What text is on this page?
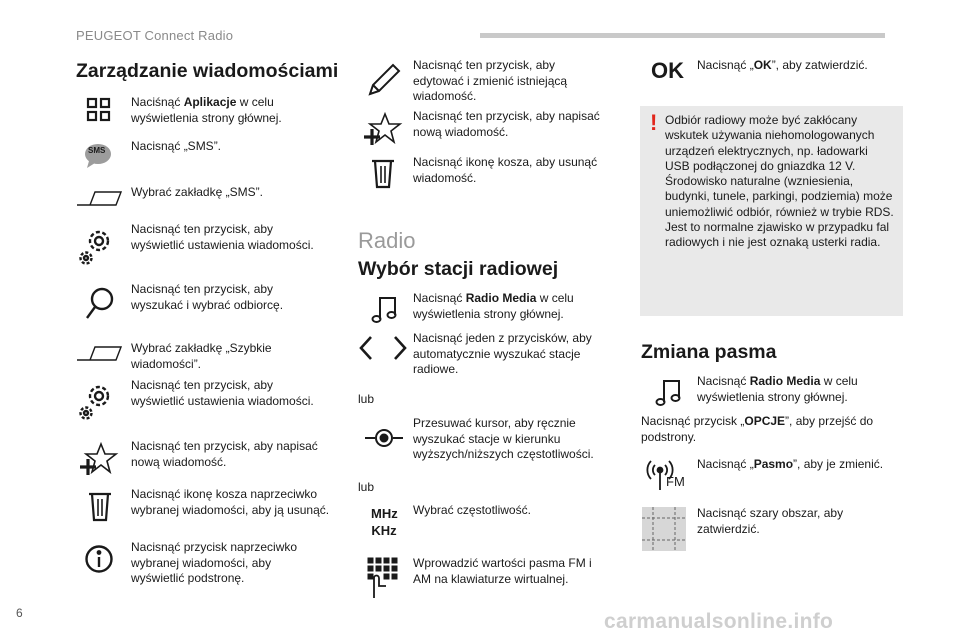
PEUGEOT Connect Radio
6	carmanualsonline.info
Zarządzanie wiadomościami
Naciśnąć Aplikacje w celu wyświetlenia strony głównej.
SMS Nacisnąć „SMS”.
Wybrać zakładkę „SMS”.
Nacisnąć ten przycisk, aby wyświetlić ustawienia wiadomości.
Nacisnąć ten przycisk, aby wyszukać i wybrać odbiorcę.
Wybrać zakładkę „Szybkie wiadomości”.
Nacisnąć ten przycisk, aby wyświetlić ustawienia wiadomości.
Nacisnąć ten przycisk, aby napisać nową wiadomość.
Nacisnąć ikonę kosza naprzeciwko wybranej wiadomości, aby ją usunąć.
Nacisnąć przycisk naprzeciwko wybranej wiadomości, aby wyświetlić podstronę.
Nacisnąć ten przycisk, aby edytować i zmienić istniejącą wiadomość.
Nacisnąć ten przycisk, aby napisać nową wiadomość.
Nacisnąć ikonę kosza, aby usunąć wiadomość.
Radio
Wybór stacji radiowej
Nacisnąć Radio Media w celu wyświetlenia strony głównej.
Nacisnąć jeden z przycisków, aby automatycznie wyszukać stacje radiowe.
lub
Przesuwać kursor, aby ręcznie wyszukać stacje w kierunku wyższych/niższych częstotliwości.
lub
MHz
KHz
Wybrać częstotliwość.
Wprowadzić wartości pasma FM i AM na klawiaturze wirtualnej.
OK Nacisnąć „OK”, aby zatwierdzić.
! Odbiór radiowy może być zakłócany wskutek używania niehomologowanych urządzeń elektrycznych, np. ładowarki USB podłączonej do gniazdka 12 V. Środowisko naturalne (wzniesienia, budynki, tunele, parkingi, podziemia) może uniemożliwić odbiór, również w trybie RDS. Jest to normalne zjawisko w przypadku fal radiowych i nie jest oznaką usterki radia.
Zmiana pasma
Nacisnąć Radio Media w celu wyświetlenia strony głównej.
Nacisnąć przycisk „OPCJE”, aby przejść do podstrony.
FM
Nacisnąć „Pasmo”, aby je zmienić.
Nacisnąć szary obszar, aby zatwierdzić.
